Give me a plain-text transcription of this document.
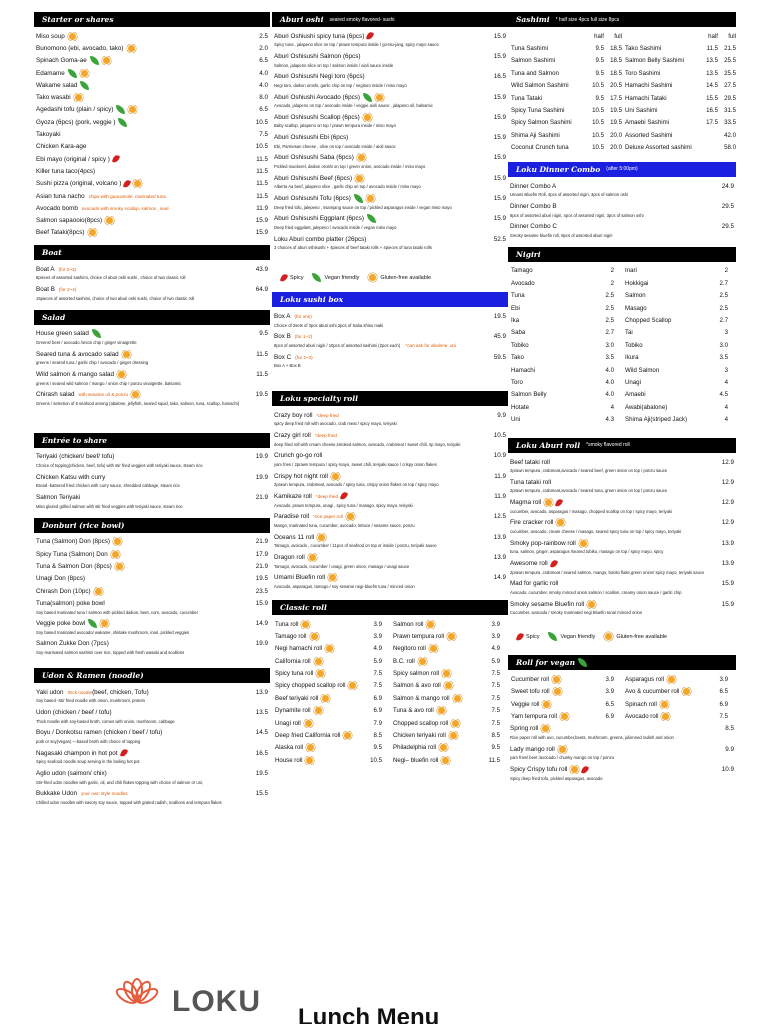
Starter or shares
Miso soup	2.5
Bunomono (ebi, avocado, tako)	2.0
Spinach Goma-ae	6.5
Edamame	4.0
Wakame salad	4.0
Tako wasabi	8.0
Agedashi tofu (plain / spicy)	6.5
Gyoza (6pcs) (pork, veggie )	10.5
Takoyaki	7.5
Chicken Kara-age	10.5
Ebi mayo (original / spicy )	11.5
Killer tuna taco(4pcs)	11.5
Sushi pizza (original, volcano )	11.5
Asian tuna nacho chips with guacamole, marinated tuna	11.5
Avocado bomb avocado with smoky scallop, salmon , seal	11.9
Salmon sapaooio(8pcs)	15.9
Beef Tataki(8pcs)	15.9
Boat
Boat A (for 2~3)	43.9
8pieces of assorted sashimi, choice of aburi oshi sushi , choice of two classic roll
Boat B (for 2~4)	64.9
15pieces of assorted sashimi, choice of two aburi oshi sushi, choice of two classic roll
Salad
House green salad	9.5
Greens/ beet / avocado /onion chip / ginger vinaigrette
Seared tuna & avocado salad	11.5
greens / seared tuna / garlic chip / avocado / ginger dressing
Wild salmon & mango salad	11.5
greens / seared wild salmon / mango / onion chip / ponzu vinaigrette, balsamic
Chirash salad with sesame oil & ponzu	19.5
Greens / selection of 5 seafood among (abalone, jellyfish, seared squid, tako, salmon, tuna, scallop, hamachi)
Entrée to share
Teriyaki (chicken/ beef/ tofu)	19.9
Choice of topping(chicken, beef, tofu) with stir fried veggies with teriyaki sauce, steam rice
Chicken Katsu with curry	19.9
Bread -battered fried chicken with curry sauce, shredded cabbage, steam rice
Salmon Teriyaki	21.9
Miso glazed grilled salmon with stir fried veggies with teriyaki sauce, steam rice
Donburi (rice bowl)
Tuna (Salmon) Don (8pcs)	21.9
Spicy Tuna (Salmon) Don	17.9
Tuna & Salmon Don (8pcs)	21.9
Unagi Don (8pcs)	19.5
Chirash Don (10pc)	23.5
Tuna(salmon) poke bowl	15.9
Soy based marinated tuna / salmon with pickled daikon, beet, corn, avocado, cucumber
Veggie poke bowl	14.9
Soy based marinated avocado/ wakame, shiitake mushroom, inari, pickled veggies
Salmon Zukke Don (7pcs)	19.9
Soy-marinated salmon sashimi over rice, topped with fresh wasabi and scallions
Udon & Ramen (noodle)
Yaki udon thick noodle (beef, chicken, Tofu)	13.9
Soy based -Stir fried noodle with onion, mushroom, protein
Udon (chicken / beef / tofu)	13.5
Thick noodle with soy-based broth, comes with onion, mushroom, cabbage
Boyu / Donkotsu ramen (chicken / beef / tofu)	14.5
pork or soy(Vegan) —based broth with choice of topping
Nagasaki champon in hot pot	16.5
Spicy seafood noodle soup serving in the boiling hot pot
Aglio udon (salmon/ chix)	19.5
Stir-fried udon noodles with garlic, oil, and chili flakes topping with choice of salmon or uni,
Bukkake Udon your own style noodles	15.5
Chilled udon noodles with savory soy sauce, topped with grated radish, scallions and tempura flakes
Aburi oshi seared smoky flavored- sushi
Aburi Oshiushi spicy tuna (6pcs)	15.9
Spicy tuna , jalapeno slice on top / prawn tempura inside / go-tsu-jang, spicy mayo sauce
Aburi Oshisushi Salmon (6pcs)	15.9
Salmon, jalapeno slice on top / salmon inside / aioli sauce inside
Aburi Oshisushi Negi toro (6pcs)	16.5
Negi toro, daikon oroshi, garlic chip on top / negitoro inside / miso mayo
Aburi Oshiushi Avocado (6pcs)	15.9
Avocado, jalapeno on top / avocado inside / veggie aioli sauce , jalapeno oil, balsamic
Aburi Oshisushi Scallop (6pcs)	15.9
Baby scallop, jalapeno on top / prawn tempura inside / miso mayo
Aburi Oshisushi Ebi (6pcs)	15.9
Ebi, Parmesan cheese , olive on top / avocado inside / aioli sauce
Aburi Oshisushi Saba (6pcs)	15.9
Pickled mackerel, daikon oroshi on top / green onion, avocado inside / miso mayo
Aburi Oshisushi Beef (6pcs)	15.9
Alberta Aa beef, jalapeno slice , garlic chip on top / avocado inside / miso mayo
Aburi Oshisushi Tofu (6pcs)	15.9
Deep fried tofu, jalepeno , ssamjang sauce on top / pickled asparagus inside / vegan miso mayo
Aburi Oshisushi Eggplant (6pcs)	15.9
Deep fried eggplant, jalepeno / avocado inside / vegan miso mayo
Loku Aburi combo platter (26pcs)	52.5
3 choices of aburi oshisushi + 4pieces of beef tataki rolls + 4pieces of tuna tataki rolls
Spicy	Vegan friendly	Gluten-free available
Loku sushi box
Box A (for one)	19.5
Choice of 2sets of 3pcs abuti oshi,3pcs of Saba shiso maki
Box B (for 1~2)	45.9
8pcs of assorted aburi nigiri / 10pcs of assorted sashimi (2pcs each) *can ask for abalone, uni
Box C (for 2~3)	59.5
Box A + Box B
Loku specialty roll
Crazy boy roll *deep fried	9.9
spicy deep fried roll with avocado, crab meat / spicy mayo, teriyaki
Crazy girl roll *deep fried	10.5
deep fried roll with cream cheese,smoked salmon, avocado, crabmeat / sweet chili, sp mayo, teriyaki
Crunch go-go roll	10.9
yam fries / 2prawn tempura / spicy mayo, sweet chili, teriyaki sauce / crispy onion flakes
Crispy hot night roll	11.9
2prawn tempura, crabmeat, avocado / spicy tuna, crispy onion flakes on top / spicy mayo
Kamikaze roll *deep fried	11.9
Avocado, prawn tempura, unagi , spicy tuna / masago, spicy mayo, teriyaki
Paradise roll *rice paper roll	12.5
Mango, marinated tuna, cucumber, avocado, lettuce / sesame sauce, ponzu
Oceans 11 roll	13.9
Tamago, avocado , cucumber / 11pcs of seafood on top or inside / ponzu, teriyaki sauce
Dragon roll	13.9
Tamago, avocado, cucumber / unagi, green onion, masago / unagi sauce
Umami Bluefin roll	14.9
Avocado, asparagus, tamago / soy sesame negi-bluefin tuna / minced onion
Classic roll
Tuna roll	3.9 Salmon roll	3.9
Tamago roll	3.9 Prawn tempura roll	3.9
Negi hamachi roll	4.9 Negitoro roll	4.9
California roll	5.9 B.C. roll	5.9
Spicy tuna roll	7.5 Spicy salmon roll	7.5
Spicy chopped scallop roll	7.5 Salmon & avo roll	7.5
Beef teriyaki roll	6.9 Salmon & mango roll	7.5
Dynamite roll	6.9 Tuna & avo roll	7.5
Unagi roll	7.9 Chopped scallop roll	7.5
Deep fried California roll	8.5 Chicken teriyaki roll	8.5
Alaska roll	9.5 Philadelphia roll	9.5
House roll	10.5 Negi– bluefin roll	11.5
Sashimi * half size 4pcs full size 8pcs
half	full	half	full
Tuna Sashimi	9.5	18.5 Tako Sashimi	11.5	21.5
Salmon Sashimi	9.5	18.5 Salmon Belly Sashimi	13.5	25.5
Tuna and Salmon	9.5	18.5 Toro Sashimi	13.5	25.5
Wild Salmon Sashimi	10.5	20.5 Hamachi Sashimi	14.5	27.5
Tuna Tataki	9.5	17.5 Hamachi Tataki	15.5	29.5
Spicy Tuna Sashimi	10.5	19.5 Uni Sashimi	16.5	31.5
Spicy Salmon Sashimi	10.5	19.5 Amaebi Sashimi	17.5	33.5
Shima Aji Sashimi	10.5	20.0 Assorted Sashimi	42.0
Coconut Crunch tuna	10.5	20.0 Deluxe Assorted sashimi	58.0
Loku Dinner Combo (after 5:00pm)
Dinner Combo A	24.9
Umami Bluefin Roll, 4pcs of assorted nigiri, 3pcs of salmon oshi
Dinner Combo B	29.5
8pcs of assorted aburi nigiri, 4pcs of assorted nigiri, 3pcs of salmon oshi
Dinner Combo C	29.5
Smoky sesame bluefin roll, 8pcs of assorted aburi nigiri
Nigiri
Tamago	2 Inari	2
Avocado	2 Hokkigai	2.7
Tuna	2.5 Salmon	2.5
Ebi	2.5 Masago	2.5
Ika	2.5 Chopped Scallop	2.7
Saba	2.7 Tai	3
Tobiko	3.0 Tobiko	3.0
Tako	3.5 Ikura	3.5
Hamachi	4.0 Wild Salmon	3
Toro	4.0 Unagi	4
Salmon Belly	4.0 Amaebi	4.5
Hotate	4 Awabi(abalone)	4
Uni	4.3 Shima Aji(striped Jack)	4
Loku Aburi roll *smoky flavored roll
Beef tataki roll	12.9
2prawn tempura ,crabmeat,avocado / seared beef, green onion on top / ponzu sauce
Tuna tataki roll	12.9
2prawn tempura ,crabmeat,avocado / seared tuna, green onion on top / ponzu sauce
Magma roll	12.9
cucumber, avocado, asparagus / masago, chopped scallop on top / spicy mayo, teriyaki
Fire cracker roll	12.9
cucumber, avocado, cream cheese / masago, seared spicy tuna on top / spicy mayo, teriyaki
Smoky pop-rainbow roll	13.9
tuna, salmon, ginger, asparagus /seared tobiko, masago on top / spicy mayo, spicy
Awesome roll	13.9
2prawn tempura ,crabmeat / seared salmon, mango, bonito flake,green onion/ spicy mayo, teriyaki sauce
Mad for garlic roll	15.9
Avocado, cucumber, smoky minced onion salmon / scallion, creamy onion sauce / garlic chip
Smoky sesame Bluefin roll	15.9
Cucumber, avocado / smoky marinated negi Bluefin tuna/ minced onion
Spicy	Vegan friendly	Gluten-free available
Roll for vegan
Cucumber roll	3.9 Asparagus roll	3.9
Sweet tofu roll	3.9 Avo & cucumber roll	6.5
Veggie roll	6.5 Spinach roll	6.9
Yam tempura roll	6.9 Avocado roll	7.5
Spring roll	8.5
Rice paper roll with avo, cucumber,beets, mushroom, greens, julienned radish and onion
Lady mango roll	9.9
yam fries/ beet /avocado / chunky mango on top / ponzu
Spicy Crispy tofu roll	10.9
Spicy deep fried tofu, pickled asparagus, avocado
LOKU Lunch Menu
